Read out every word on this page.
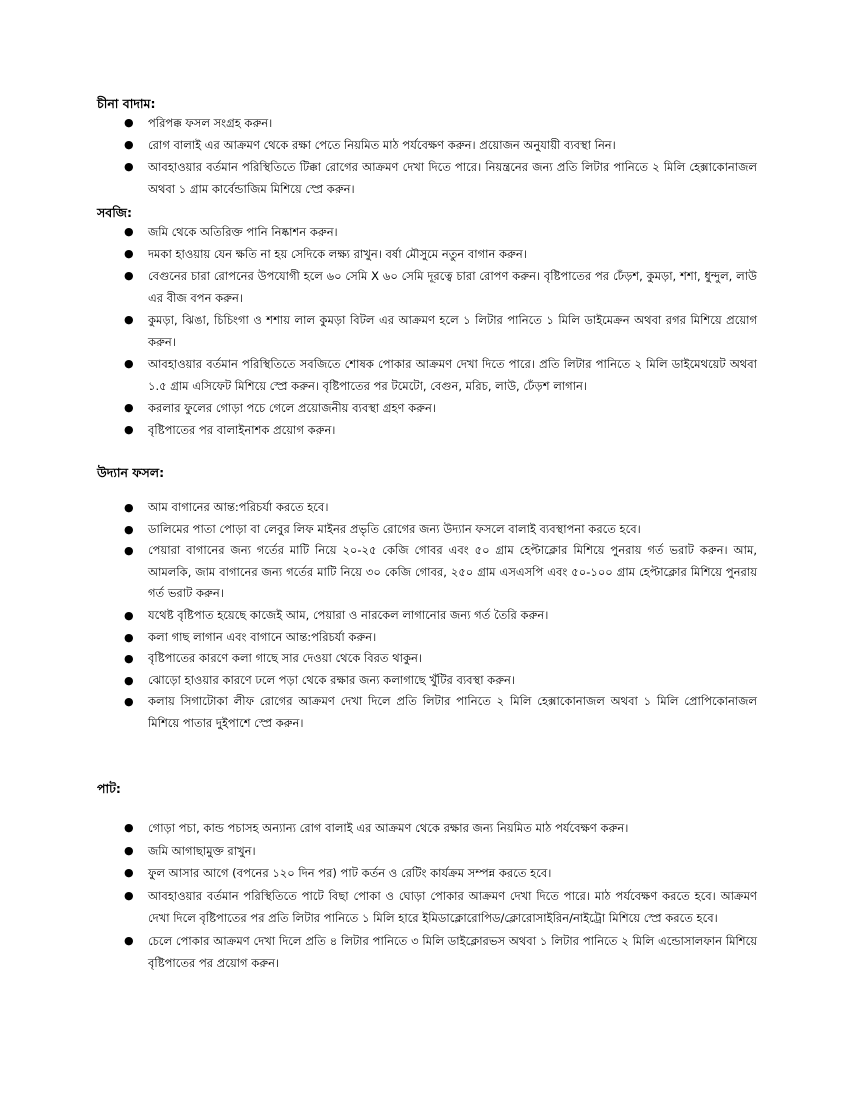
চীনা বাদাম:

● পরিপক্ক ফসল সংগ্রহ করুন।
● রোগ বালাই এর আক্রমণ থেকে রক্ষা পেতে নিয়মিত মাঠ পর্যবেক্ষণ করুন। প্রয়োজন অনুযায়ী ব্যবস্থা নিন।
● আবহাওয়ার বর্তমান পরিস্থিতিতে টিক্কা রোগের আক্রমণ দেখা দিতে পারে। নিয়ন্ত্রনের জন্য প্রতি লিটার পানিতে ২ মিলি হেক্সাকোনাজল অথবা ১ গ্রাম কার্বেন্ডাজিম মিশিয়ে স্প্রে করুন।

সবজি:

● জমি থেকে অতিরিক্ত পানি নিষ্কাশন করুন।
● দমকা হাওয়ায় যেন ক্ষতি না হয় সেদিকে লক্ষ্য রাখুন। বর্ষা মৌসুমে নতুন বাগান করুন।
● বেগুনের চারা রোপনের উপযোগী হলে ৬০ সেমি X ৬০ সেমি দূরত্বে চারা রোপণ করুন। বৃষ্টিপাতের পর ঢেঁড়শ, কুমড়া, শশা, ধুন্দুল, লাউ এর বীজ বপন করুন।
● কুমড়া, ঝিঙা, চিচিংগা ও শশায় লাল কুমড়া বিটল এর আক্রমণ হলে ১ লিটার পানিতে ১ মিলি ডাইমেক্রন অথবা রগর মিশিয়ে প্রয়োগ করুন।
● আবহাওয়ার বর্তমান পরিস্থিতিতে সবজিতে শোষক পোকার আক্রমণ দেখা দিতে পারে। প্রতি লিটার পানিতে ২ মিলি ডাইমেথয়েট অথবা ১.৫ গ্রাম এসিফেট মিশিয়ে স্প্রে করুন। বৃষ্টিপাতের পর টমেটো, বেগুন, মরিচ, লাউ, ঢেঁড়শ লাগান।
● করলার ফুলের গোড়া পচে গেলে প্রয়োজনীয় ব্যবস্থা গ্রহণ করুন।
● বৃষ্টিপাতের পর বালাইনাশক প্রয়োগ করুন।

উদ্যান ফসল:

● আম বাগানের আন্ত:পরিচর্যা করতে হবে।
● ডালিমের পাতা পোড়া বা লেবুর লিফ মাইনর প্রভৃতি রোগের জন্য উদ্যান ফসলে বালাই ব্যবস্থাপনা করতে হবে।
● পেয়ারা বাগানের জন্য গর্তের মাটি নিয়ে ২০-২৫ কেজি গোবর এবং ৫০ গ্রাম হেপ্টাক্লোর মিশিয়ে পুনরায় গর্ত ভরাট করুন। আম, আমলকি, জাম বাগানের জন্য গর্তের মাটি নিয়ে ৩০ কেজি গোবর, ২৫০ গ্রাম এসএসপি এবং ৫০-১০০ গ্রাম হেপ্টাক্লোর মিশিয়ে পুনরায় গর্ত ভরাট করুন।
● যথেষ্ট বৃষ্টিপাত হয়েছে কাজেই আম, পেয়ারা ও নারকেল লাগানোর জন্য গর্ত তৈরি করুন।
● কলা গাছ লাগান এবং বাগানে আন্ত:পরিচর্যা করুন।
● বৃষ্টিপাতের কারণে কলা গাছে সার দেওয়া থেকে বিরত থাকুন।
● ঝোড়ো হাওয়ার কারণে ঢলে পড়া থেকে রক্ষার জন্য কলাগাছে খুঁটির ব্যবস্থা করুন।
● কলায় সিগাটোকা লীফ রোগের আক্রমণ দেখা দিলে প্রতি লিটার পানিতে ২ মিলি হেক্সাকোনাজল অথবা ১ মিলি প্রোপিকোনাজল মিশিয়ে পাতার দুইপাশে স্প্রে করুন।

পাট:

● গোড়া পচা, কান্ড পচাসহ অন্যান্য রোগ বালাই এর আক্রমণ থেকে রক্ষার জন্য নিয়মিত মাঠ পর্যবেক্ষণ করুন।
● জমি আগাছামুক্ত রাখুন।
● ফুল আসার আগে (বপনের ১২০ দিন পর) পাট কর্তন ও রেটিং কার্যক্রম সম্পন্ন করতে হবে।
● আবহাওয়ার বর্তমান পরিস্থিতিতে পাটে বিছা পোকা ও ঘোড়া পোকার আক্রমণ দেখা দিতে পারে। মাঠ পর্যবেক্ষণ করতে হবে। আক্রমণ দেখা দিলে বৃষ্টিপাতের পর প্রতি লিটার পানিতে ১ মিলি হারে ইমিডাক্লোরোপিড/ক্লোরোসাইরিন/নাইট্রো মিশিয়ে স্প্রে করতে হবে।
● চেলে পোকার আক্রমণ দেখা দিলে প্রতি ৪ লিটার পানিতে ৩ মিলি ডাইক্লোরভস অথবা ১ লিটার পানিতে ২ মিলি এন্ডোসালফান মিশিয়ে বৃষ্টিপাতের পর প্রয়োগ করুন।
